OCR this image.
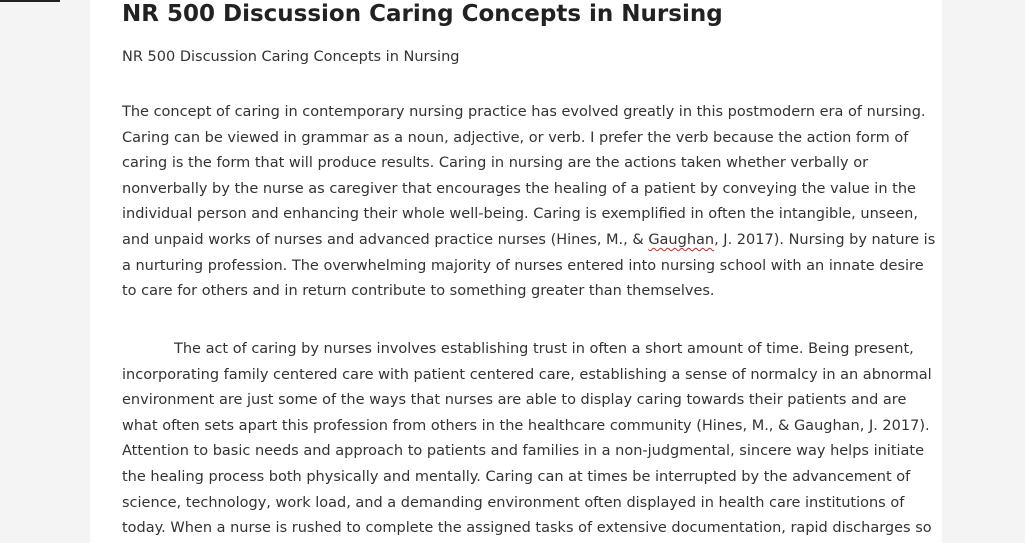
NR 500 Discussion Caring Concepts in Nursing

NR 500 Discussion Caring Concepts in Nursing

The concept of caring in contemporary nursing practice has evolved greatly in this postmodern era of nursing.
Caring can be viewed in grammar as a noun, adjective, or verb. I prefer the verb because the action form of
caring is the form that will produce results. Caring in nursing are the actions taken whether verbally or
nonverbally by the nurse as caregiver that encourages the healing of a patient by conveying the value in the
individual person and enhancing their whole well-being. Caring is exemplified in often the intangible, unseen,
and unpaid works of nurses and advanced practice nurses (Hines, M., & Gaughan, J. 2017). Nursing by nature is
a nurturing profession. The overwhelming majority of nurses entered into nursing school with an innate desire
to care for others and in return contribute to something greater than themselves.
The act of caring by nurses involves establishing trust in often a short amount of time. Being present,
incorporating family centered care with patient centered care, establishing a sense of normalcy in an abnormal
environment are just some of the ways that nurses are able to display caring towards their patients and are
what often sets apart this profession from others in the healthcare community (Hines, M., & Gaughan, J. 2017).
Attention to basic needs and approach to patients and families in a non-judgmental, sincere way helps initiate
the healing process both physically and mentally. Caring can at times be interrupted by the advancement of
science, technology, work load, and a demanding environment often displayed in health care institutions of
today. When a nurse is rushed to complete the assigned tasks of extensive documentation, rapid discharges so
